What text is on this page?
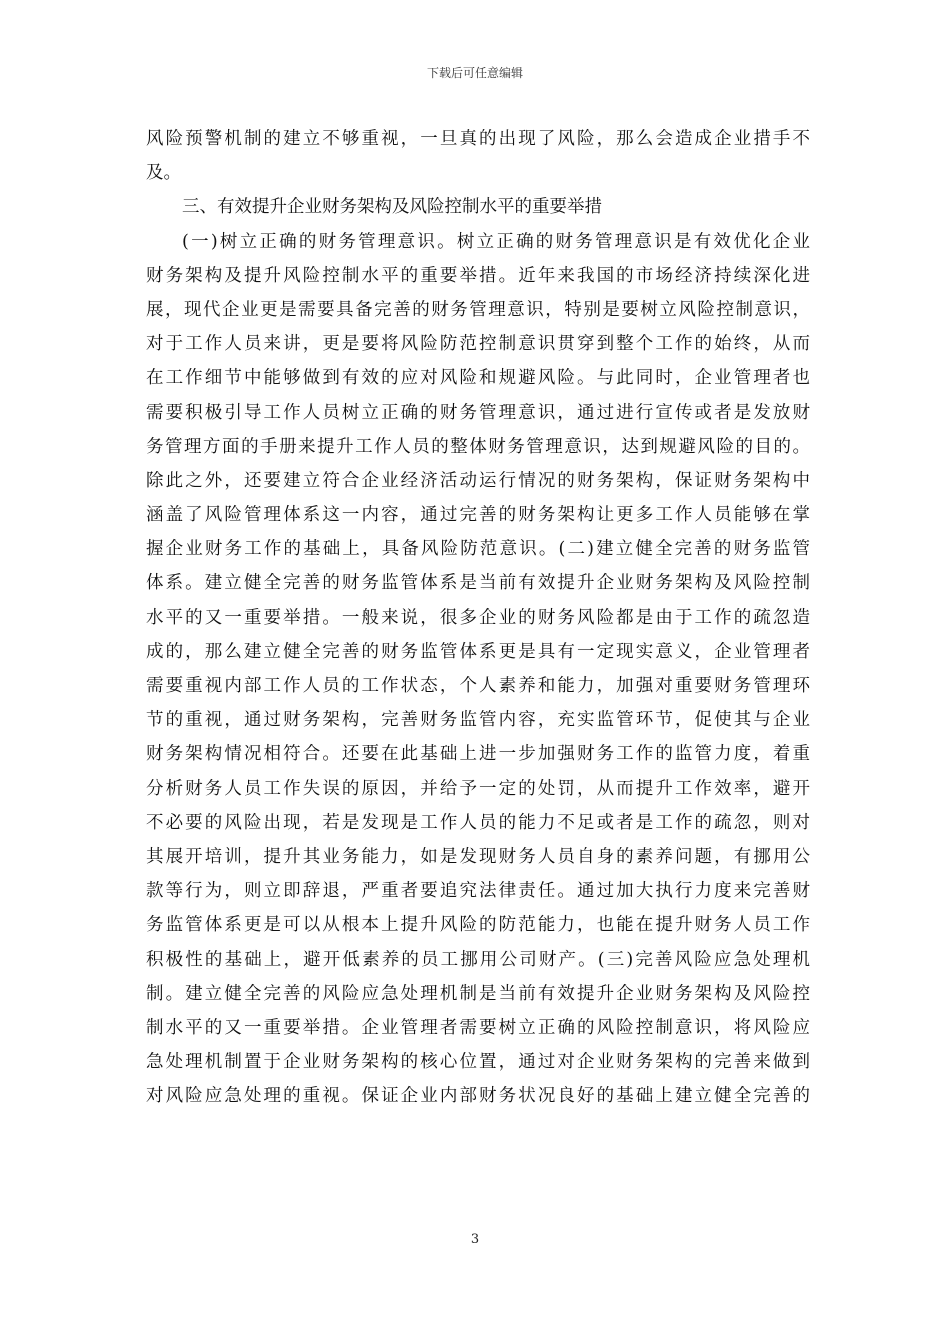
下载后可任意编辑
风险预警机制的建立不够重视，一旦真的出现了风险，那么会造成企业措手不
及。
三、有效提升企业财务架构及风险控制水平的重要举措
(一)树立正确的财务管理意识。树立正确的财务管理意识是有效优化企业
财务架构及提升风险控制水平的重要举措。近年来我国的市场经济持续深化进
展，现代企业更是需要具备完善的财务管理意识，特别是要树立风险控制意识，
对于工作人员来讲，更是要将风险防范控制意识贯穿到整个工作的始终，从而
在工作细节中能够做到有效的应对风险和规避风险。与此同时，企业管理者也
需要积极引导工作人员树立正确的财务管理意识，通过进行宣传或者是发放财
务管理方面的手册来提升工作人员的整体财务管理意识，达到规避风险的目的。
除此之外，还要建立符合企业经济活动运行情况的财务架构，保证财务架构中
涵盖了风险管理体系这一内容，通过完善的财务架构让更多工作人员能够在掌
握企业财务工作的基础上，具备风险防范意识。(二)建立健全完善的财务监管
体系。建立健全完善的财务监管体系是当前有效提升企业财务架构及风险控制
水平的又一重要举措。一般来说，很多企业的财务风险都是由于工作的疏忽造
成的，那么建立健全完善的财务监管体系更是具有一定现实意义，企业管理者
需要重视内部工作人员的工作状态，个人素养和能力，加强对重要财务管理环
节的重视，通过财务架构，完善财务监管内容，充实监管环节，促使其与企业
财务架构情况相符合。还要在此基础上进一步加强财务工作的监管力度，着重
分析财务人员工作失误的原因，并给予一定的处罚，从而提升工作效率，避开
不必要的风险出现，若是发现是工作人员的能力不足或者是工作的疏忽，则对
其展开培训，提升其业务能力，如是发现财务人员自身的素养问题，有挪用公
款等行为，则立即辞退，严重者要追究法律责任。通过加大执行力度来完善财
务监管体系更是可以从根本上提升风险的防范能力，也能在提升财务人员工作
积极性的基础上，避开低素养的员工挪用公司财产。(三)完善风险应急处理机
制。建立健全完善的风险应急处理机制是当前有效提升企业财务架构及风险控
制水平的又一重要举措。企业管理者需要树立正确的风险控制意识，将风险应
急处理机制置于企业财务架构的核心位置，通过对企业财务架构的完善来做到
对风险应急处理的重视。保证企业内部财务状况良好的基础上建立健全完善的
3
